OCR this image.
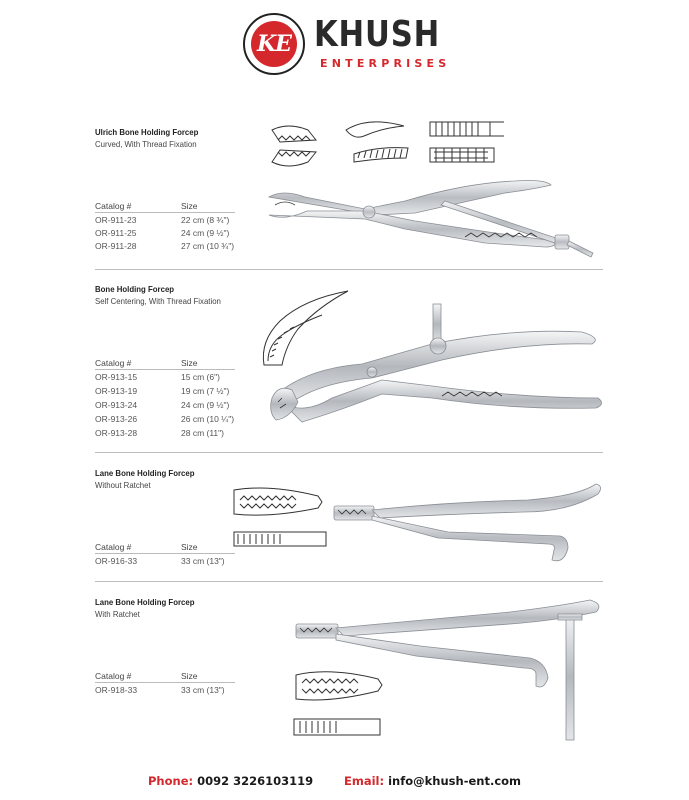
KE KHUSH
ENTERPRISES
Ulrich Bone Holding Forcep
Curved, With Thread Fixation
Catalog #	Size
OR-911-23	22 cm (8 ¾")
OR-911-25	24 cm (9 ½")
OR-911-28	27 cm (10 ¾")
Bone Holding Forcep
Self Centering, With Thread Fixation
Catalog #	Size
OR-913-15	15 cm (6")
OR-913-19	19 cm (7 ½")
OR-913-24	24 cm (9 ½")
OR-913-26	26 cm (10 ¼")
OR-913-28	28 cm (11")
Lane Bone Holding Forcep
Without Ratchet
Catalog #	Size
OR-916-33	33 cm (13")
Lane Bone Holding Forcep
With Ratchet
Catalog #	Size
OR-918-33	33 cm (13")
Phone: 0092 3226103119	Email: info@khush-ent.com
